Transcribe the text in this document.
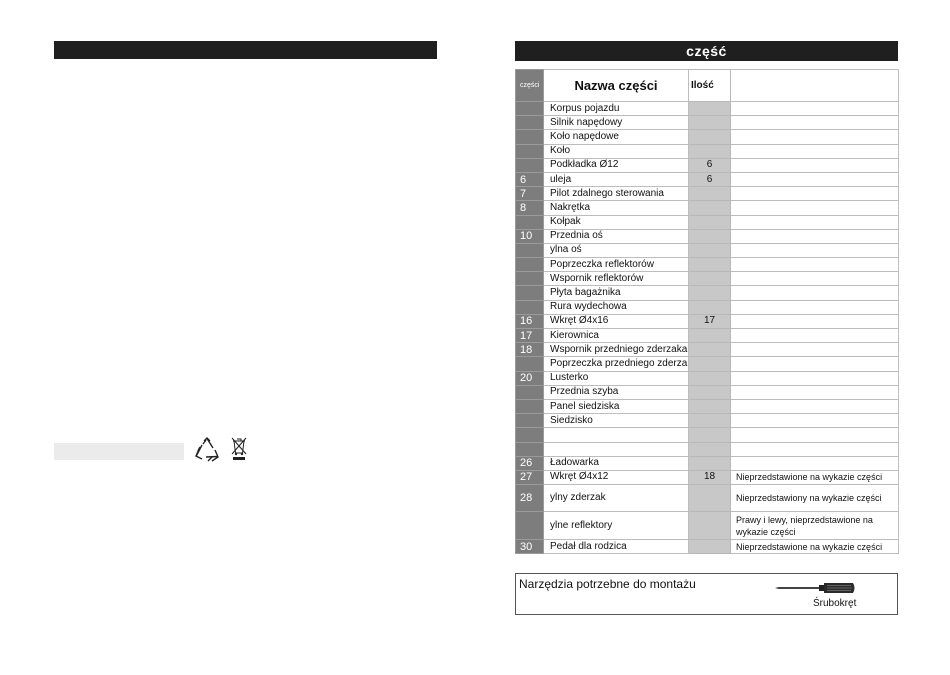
część
części	Nazwa części	Ilość	
	Korpus pojazdu		
	Silnik napędowy		
	Koło napędowe		
	Koło		
	Podkładka Ø12	6	
6	uleja	6	
7	Pilot zdalnego sterowania		
8	Nakrętka		
	Kołpak		
10	Przednia oś		
	ylna oś		
	Poprzeczka reflektorów		
	Wspornik reflektorów		
	Płyta bagażnika		
	Rura wydechowa		
16	Wkręt Ø4x16	17	
17	Kierownica		
18	Wspornik przedniego zderzaka		
	Poprzeczka przedniego zderza		
20	Lusterko		
	Przednia szyba		
	Panel siedziska		
	Siedzisko		

26	Ładowarka		
27	Wkręt Ø4x12	18	Nieprzedstawione na wykazie części
28	ylny zderzak		Nieprzedstawiony na wykazie części
	ylne reflektory		Prawy i lewy, nieprzedstawione na wykazie części
30	Pedał dla rodzica		Nieprzedstawione na wykazie części
Narzędzia potrzebne do montażu
Śrubokręt
